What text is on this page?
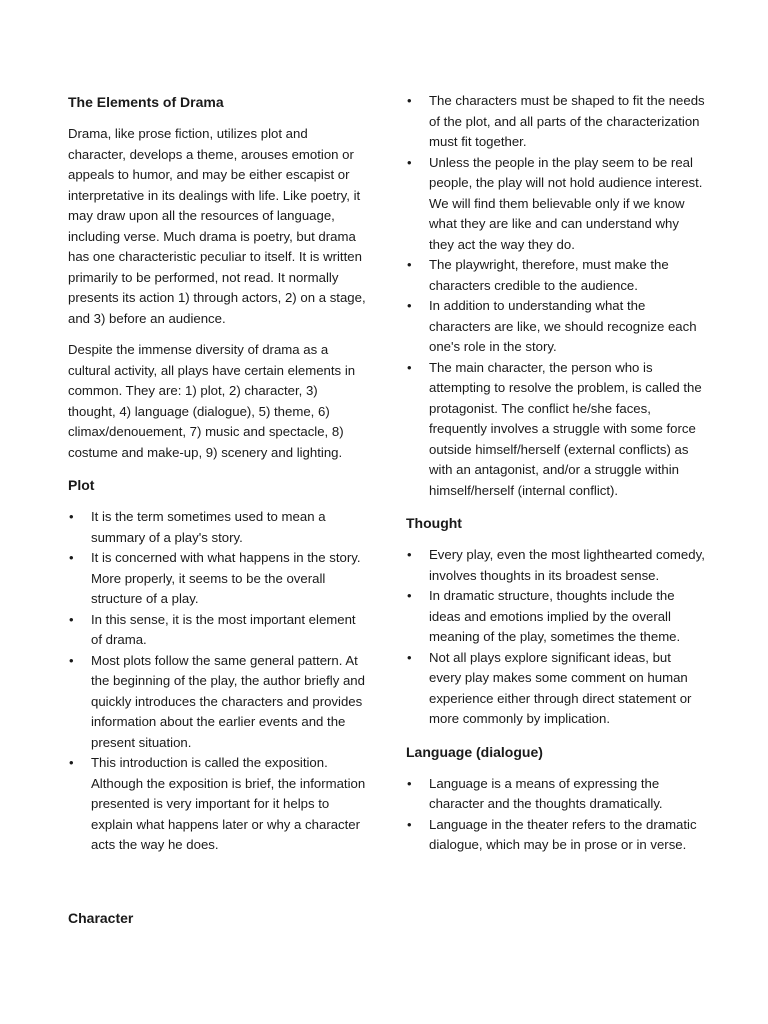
The Elements of Drama

Drama, like prose fiction, utilizes plot and character, develops a theme, arouses emotion or appeals to humor, and may be either escapist or interpretative in its dealings with life. Like poetry, it may draw upon all the resources of language, including verse. Much drama is poetry, but drama has one characteristic peculiar to itself. It is written primarily to be performed, not read. It normally presents its action 1) through actors, 2) on a stage, and 3) before an audience.

Despite the immense diversity of drama as a cultural activity, all plays have certain elements in common. They are: 1) plot, 2) character, 3) thought, 4) language (dialogue), 5) theme, 6) climax/denouement, 7) music and spectacle, 8) costume and make-up, 9) scenery and lighting.

Plot
• It is the term sometimes used to mean a summary of a play's story.
• It is concerned with what happens in the story. More properly, it seems to be the overall structure of a play.
• In this sense, it is the most important element of drama.
• Most plots follow the same general pattern. At the beginning of the play, the author briefly and quickly introduces the characters and provides information about the earlier events and the present situation.
• This introduction is called the exposition. Although the exposition is brief, the information presented is very important for it helps to explain what happens later or why a character acts the way he does.
Character
• The characters must be shaped to fit the needs of the plot, and all parts of the characterization must fit together.
• Unless the people in the play seem to be real people, the play will not hold audience interest. We will find them believable only if we know what they are like and can understand why they act the way they do.
• The playwright, therefore, must make the characters credible to the audience.
• In addition to understanding what the characters are like, we should recognize each one's role in the story.
• The main character, the person who is attempting to resolve the problem, is called the protagonist. The conflict he/she faces, frequently involves a struggle with some force outside himself/herself (external conflicts) as with an antagonist, and/or a struggle within himself/herself (internal conflict).
Thought
• Every play, even the most lighthearted comedy, involves thoughts in its broadest sense.
• In dramatic structure, thoughts include the ideas and emotions implied by the overall meaning of the play, sometimes the theme.
• Not all plays explore significant ideas, but every play makes some comment on human experience either through direct statement or more commonly by implication.
Language (dialogue)
• Language is a means of expressing the character and the thoughts dramatically.
• Language in the theater refers to the dramatic dialogue, which may be in prose or in verse.
